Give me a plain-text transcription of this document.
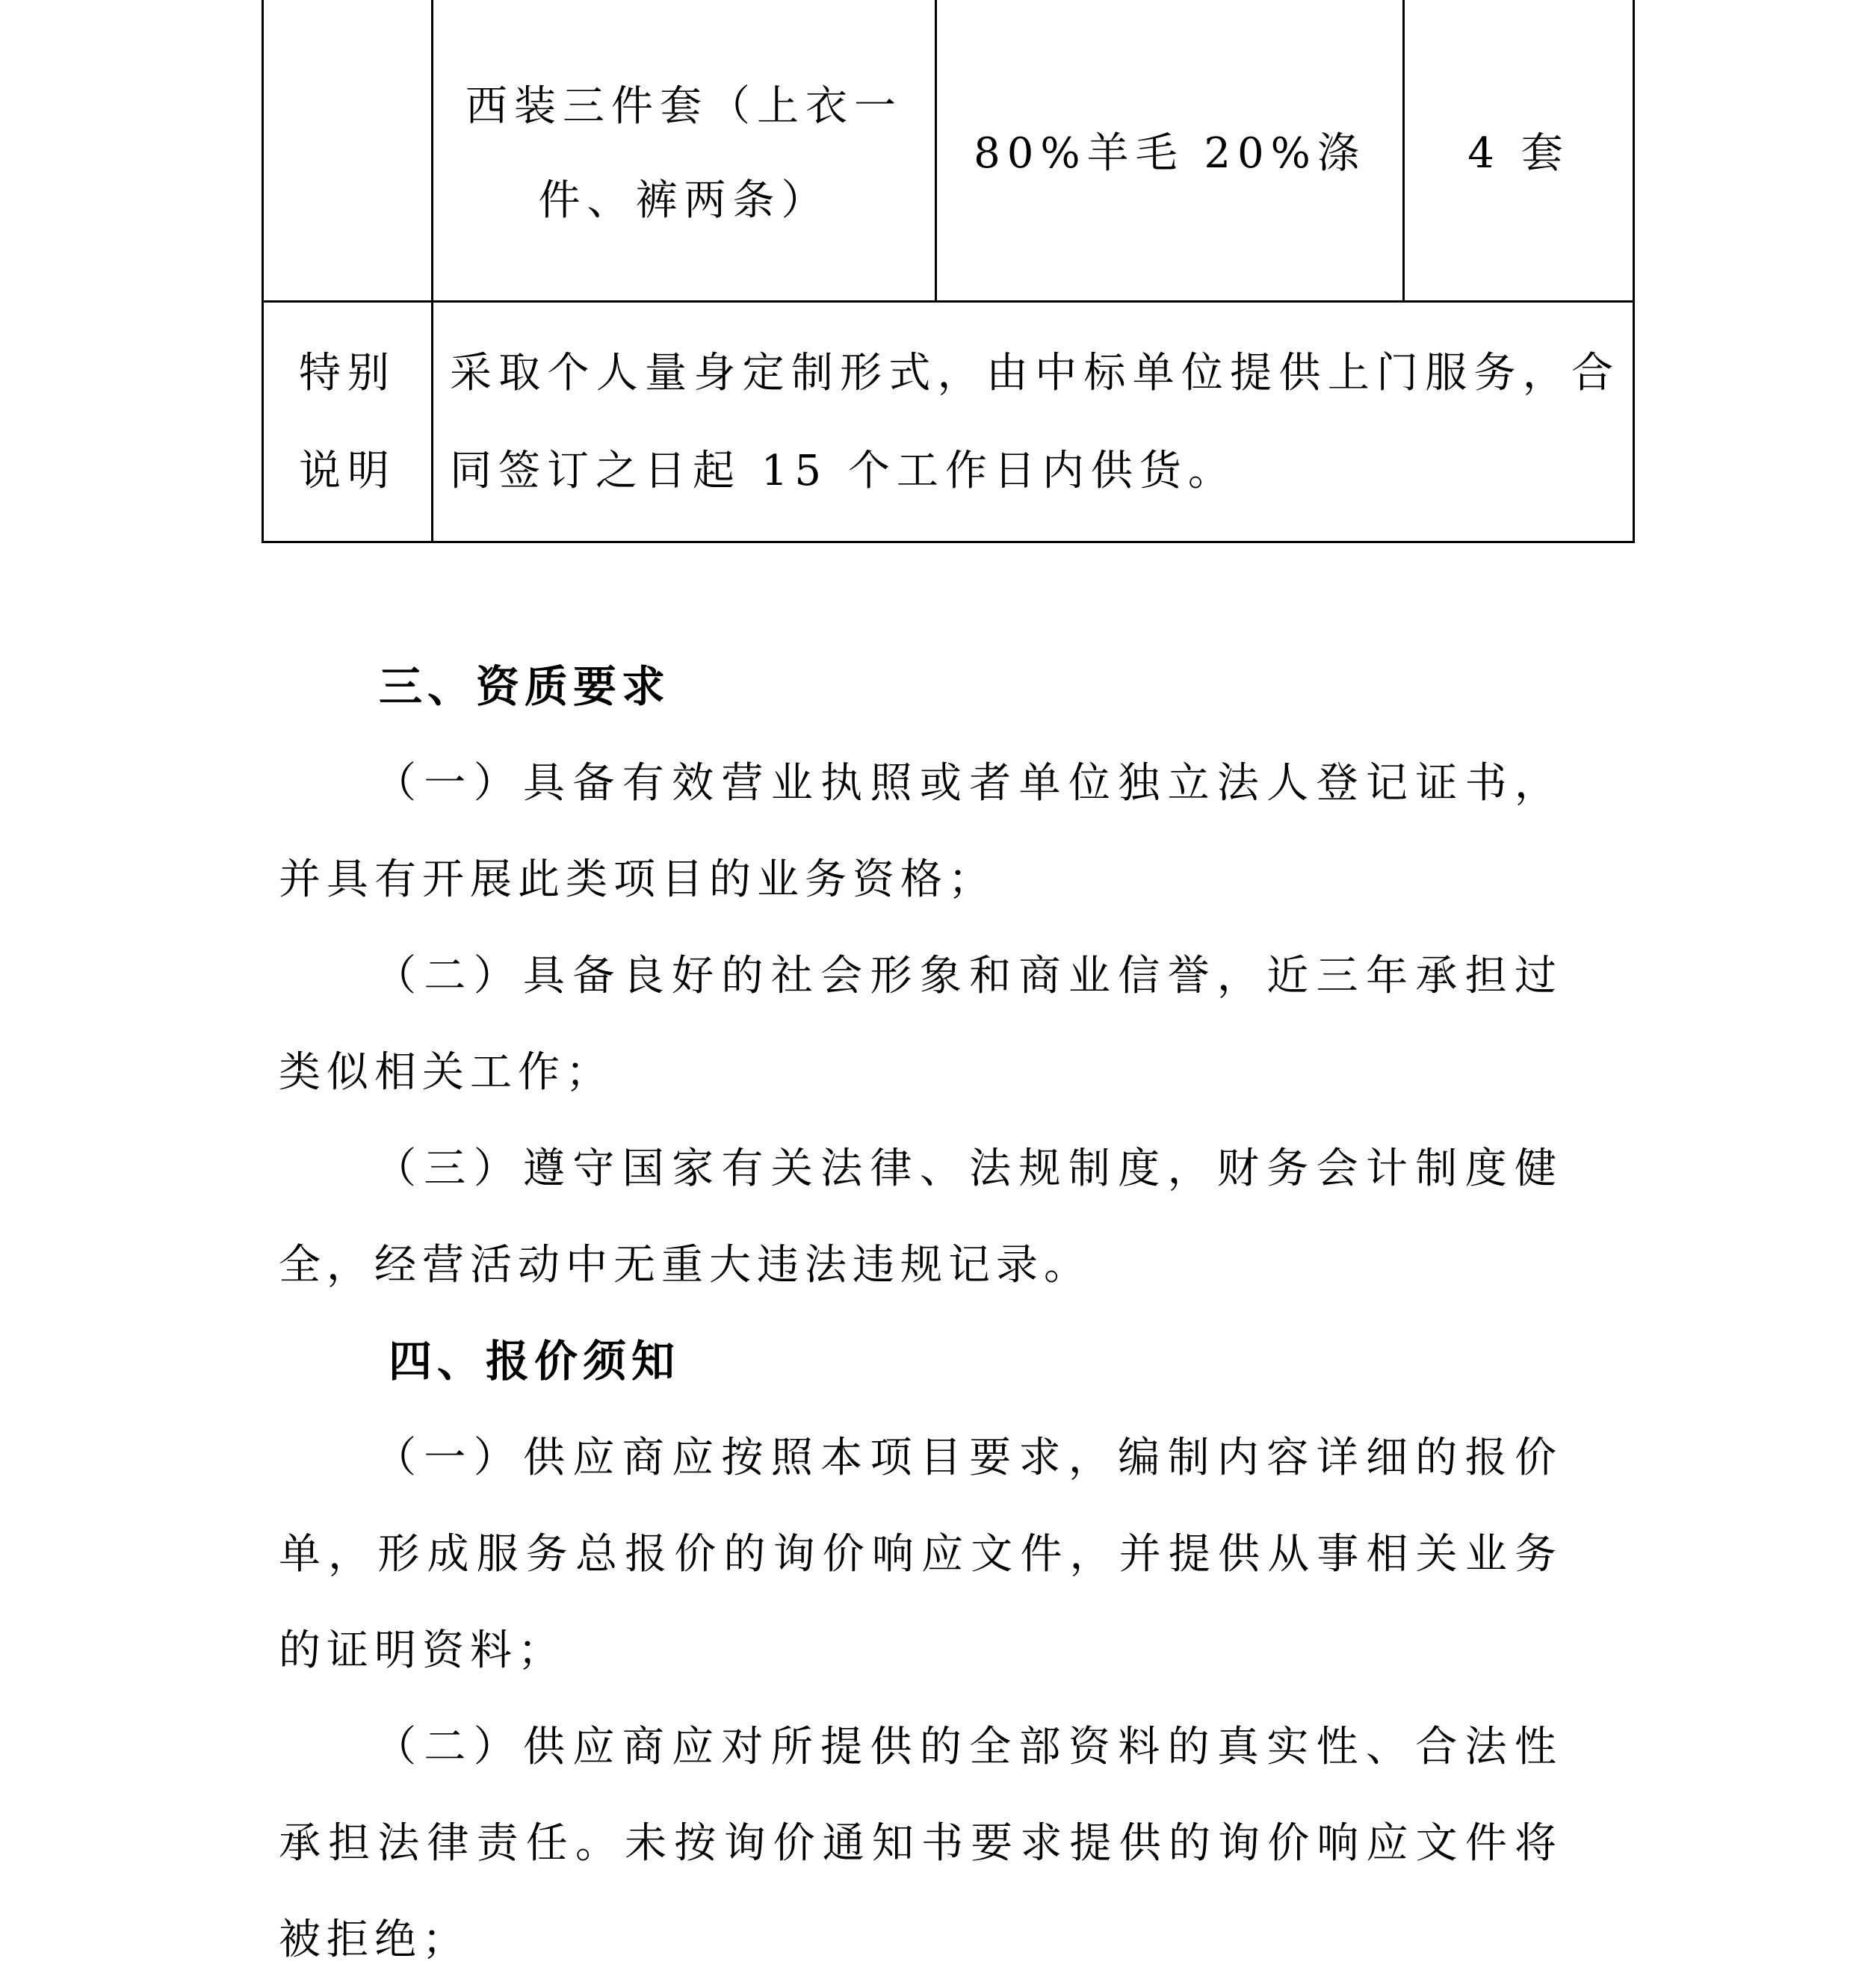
西装三件套（上衣一
件、裤两条）
80%羊毛 20%涤 4 套
特别
说明
采取个人量身定制形式，由中标单位提供上门服务，合
同签订之日起 15 个工作日内供货。
三、资质要求
（一）具备有效营业执照或者单位独立法人登记证书，
并具有开展此类项目的业务资格；
（二）具备良好的社会形象和商业信誉，近三年承担过
类似相关工作；
（三）遵守国家有关法律、法规制度，财务会计制度健
全，经营活动中无重大违法违规记录。
四、报价须知
（一）供应商应按照本项目要求，编制内容详细的报价
单，形成服务总报价的询价响应文件，并提供从事相关业务
的证明资料；
（二）供应商应对所提供的全部资料的真实性、合法性
承担法律责任。未按询价通知书要求提供的询价响应文件将
被拒绝；
